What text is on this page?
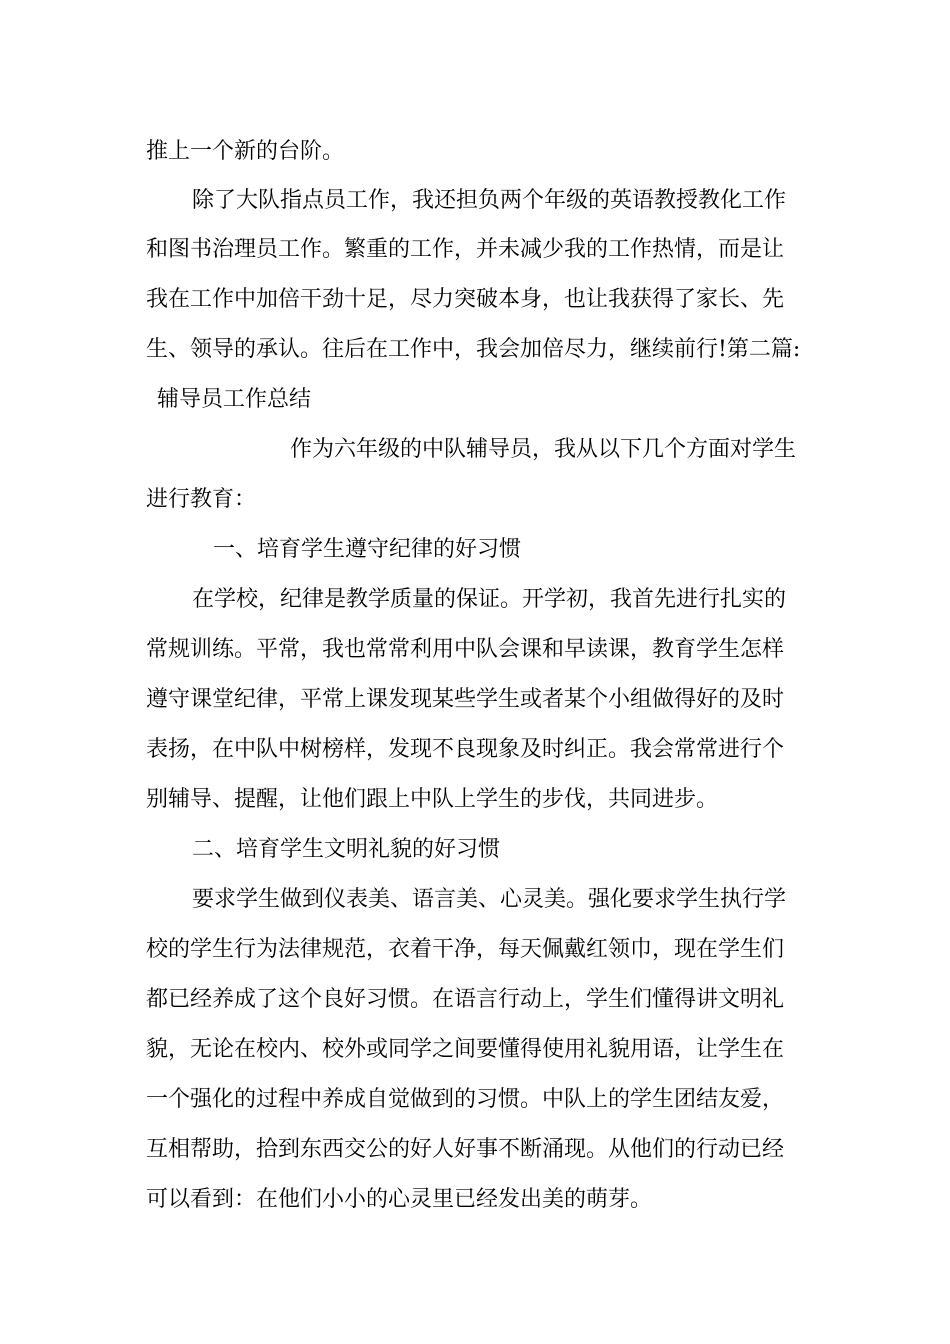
推上一个新的台阶。
除了大队指点员工作，我还担负两个年级的英语教授教化工作
和图书治理员工作。繁重的工作，并未减少我的工作热情，而是让
我在工作中加倍干劲十足，尽力突破本身，也让我获得了家长、先
生、领导的承认。往后在工作中，我会加倍尽力，继续前行!第二篇:
辅导员工作总结
作为六年级的中队辅导员，我从以下几个方面对学生
进行教育：
一、培育学生遵守纪律的好习惯
在学校，纪律是教学质量的保证。开学初，我首先进行扎实的
常规训练。平常，我也常常利用中队会课和早读课，教育学生怎样
遵守课堂纪律，平常上课发现某些学生或者某个小组做得好的及时
表扬，在中队中树榜样，发现不良现象及时纠正。我会常常进行个
别辅导、提醒，让他们跟上中队上学生的步伐，共同进步。
二、培育学生文明礼貌的好习惯
要求学生做到仪表美、语言美、心灵美。强化要求学生执行学
校的学生行为法律规范，衣着干净，每天佩戴红领巾，现在学生们
都已经养成了这个良好习惯。在语言行动上，学生们懂得讲文明礼
貌，无论在校内、校外或同学之间要懂得使用礼貌用语，让学生在
一个强化的过程中养成自觉做到的习惯。中队上的学生团结友爱，
互相帮助，拾到东西交公的好人好事不断涌现。从他们的行动已经
可以看到：在他们小小的心灵里已经发出美的萌芽。
